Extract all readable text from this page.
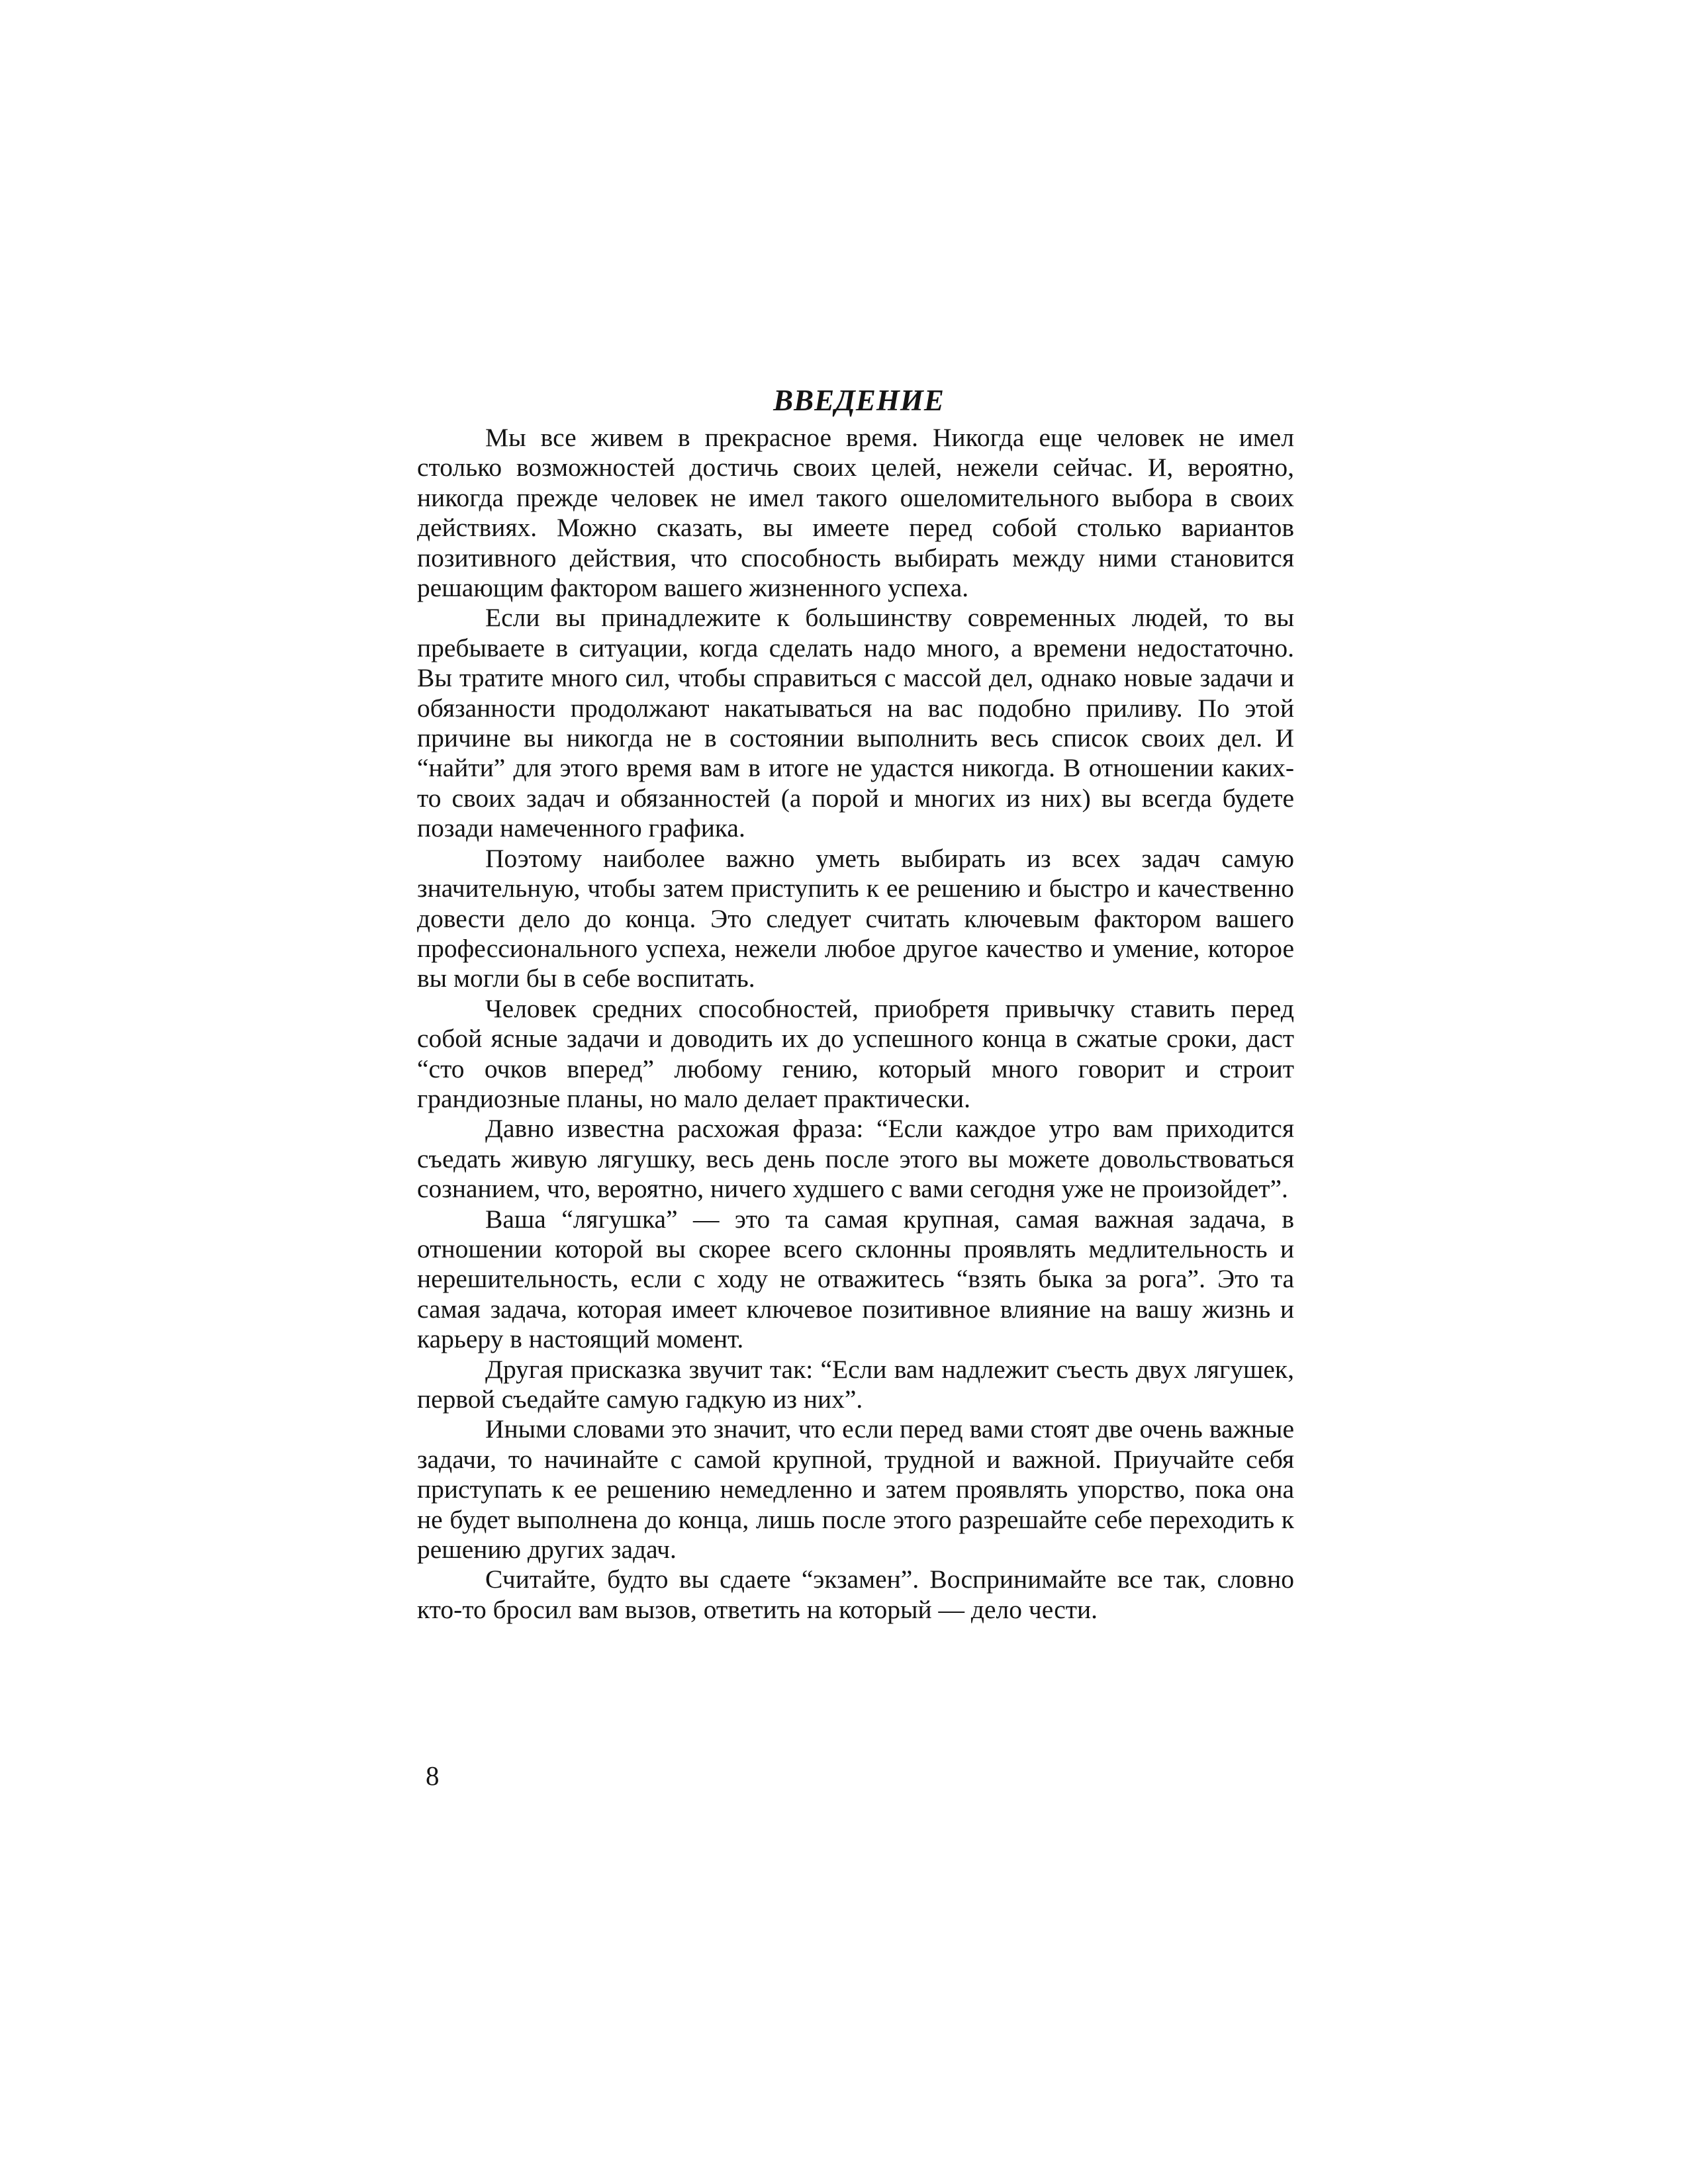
ВВЕДЕНИЕ

Мы все живем в прекрасное время. Никогда еще человек не имел столько возможностей достичь своих целей, нежели сейчас. И, вероятно, никогда прежде человек не имел такого ошеломительного выбора в своих действиях. Можно сказать, вы имеете перед собой столько вариантов позитивного действия, что способность выбирать между ними становится решающим фактором вашего жизненного успеха.

Если вы принадлежите к большинству современных людей, то вы пребываете в ситуации, когда сделать надо много, а времени недостаточно. Вы тратите много сил, чтобы справиться с массой дел, однако новые задачи и обязанности продолжают накатываться на вас подобно приливу. По этой причине вы никогда не в состоянии выполнить весь список своих дел. И “найти” для этого время вам в итоге не удастся никогда. В отношении каких-то своих задач и обязанностей (а порой и многих из них) вы всегда будете позади намеченного графика.

Поэтому наиболее важно уметь выбирать из всех задач самую значительную, чтобы затем приступить к ее решению и быстро и качественно довести дело до конца. Это следует считать ключевым фактором вашего профессионального успеха, нежели любое другое качество и умение, которое вы могли бы в себе воспитать.

Человек средних способностей, приобретя привычку ставить перед собой ясные задачи и доводить их до успешного конца в сжатые сроки, даст “сто очков вперед” любому гению, который много говорит и строит грандиозные планы, но мало делает практически.

Давно известна расхожая фраза: “Если каждое утро вам приходится съедать живую лягушку, весь день после этого вы можете довольствоваться сознанием, что, вероятно, ничего худшего с вами сегодня уже не произойдет”.

Ваша “лягушка” — это та самая крупная, самая важная задача, в отношении которой вы скорее всего склонны проявлять медлительность и нерешительность, если с ходу не отважитесь “взять быка за рога”. Это та самая задача, которая имеет ключевое позитивное влияние на вашу жизнь и карьеру в настоящий момент.

Другая присказка звучит так: “Если вам надлежит съесть двух лягушек, первой съедайте самую гадкую из них”.

Иными словами это значит, что если перед вами стоят две очень важные задачи, то начинайте с самой крупной, трудной и важной. Приучайте себя приступать к ее решению немедленно и затем проявлять упорство, пока она не будет выполнена до конца, лишь после этого разрешайте себе переходить к решению других задач.

Считайте, будто вы сдаете “экзамен”. Воспринимайте все так, словно кто-то бросил вам вызов, ответить на который — дело чести.

8
